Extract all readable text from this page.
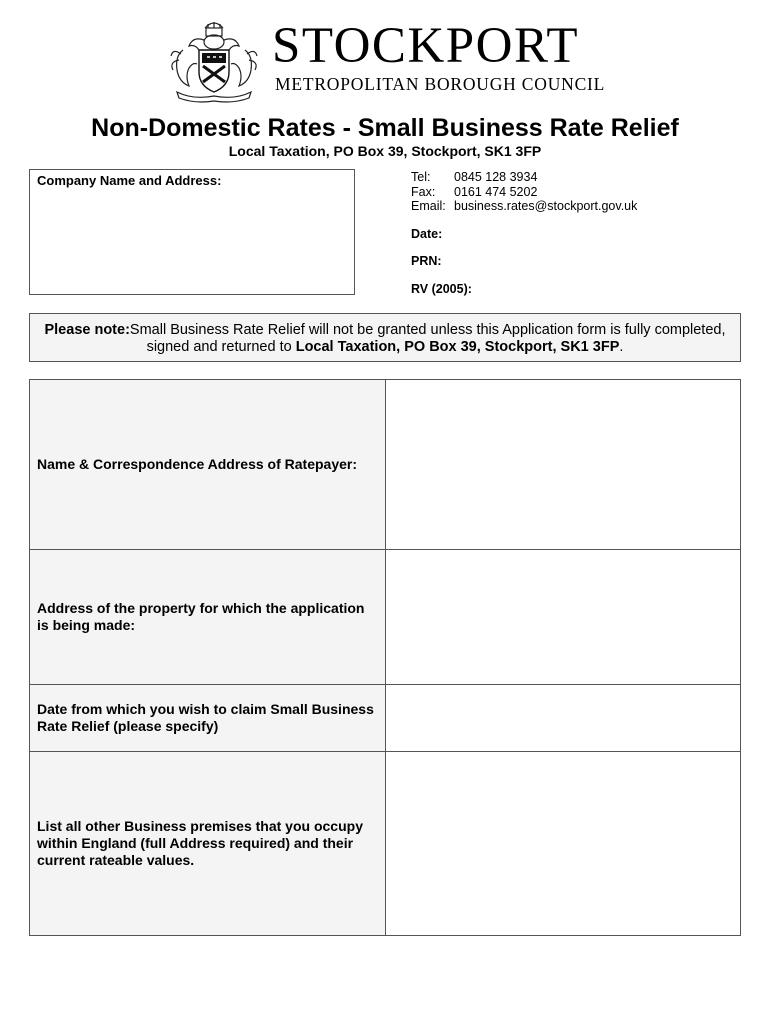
STOCKPORT
METROPOLITAN BOROUGH COUNCIL
Non-Domestic Rates - Small Business Rate Relief
Local Taxation, PO Box 39, Stockport, SK1 3FP
Company Name and Address:	Tel:	0845 128 3934
Fax:	0161 474 5202
Email: business.rates@stockport.gov.uk
Date:
PRN:
RV (2005):
Please note:Small Business Rate Relief will not be granted unless this Application form is fully completed, signed and returned to Local Taxation, PO Box 39, Stockport, SK1 3FP.
Name & Correspondence Address of Ratepayer:
Address of the property for which the application is being made:
Date from which you wish to claim Small Business Rate Relief (please specify)
List all other Business premises that you occupy within England (full Address required) and their current rateable values.
